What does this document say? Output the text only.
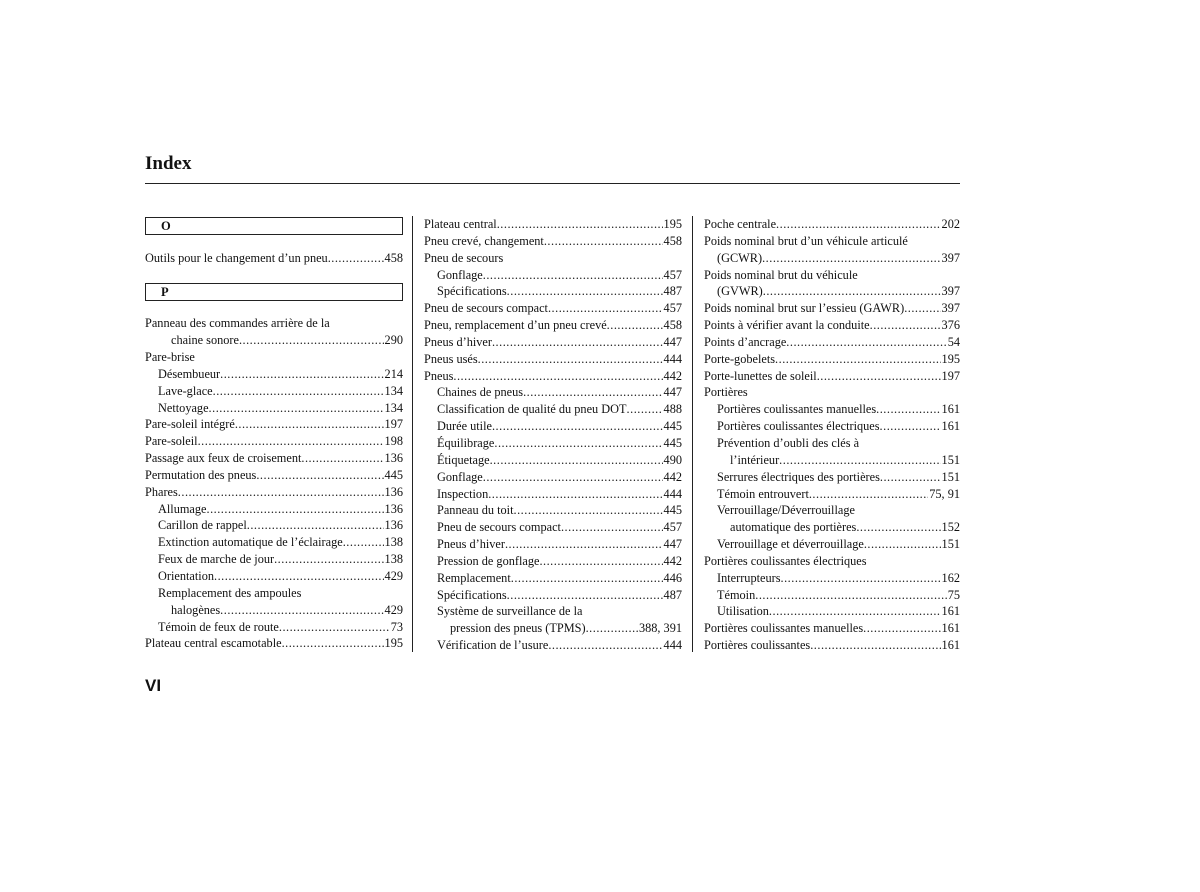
Index
O
Outils pour le changement d’un pneu .....	458
P
Panneau des commandes arrière de la
chaine sonore .....	290
Pare-brise
Désembueur .....	214
Lave-glace .....	134
Nettoyage .....	134
Pare-soleil intégré .....	197
Pare-soleil .....	198
Passage aux feux de croisement .....	136
Permutation des pneus .....	445
Phares .....	136
Allumage .....	136
Carillon de rappel .....	136
Extinction automatique de l’éclairage .....	138
Feux de marche de jour .....	138
Orientation .....	429
Remplacement des ampoules
halogènes .....	429
Témoin de feux de route .....	73
Plateau central escamotable .....	195
Plateau central .....	195
Pneu crevé, changement .....	458
Pneu de secours
Gonflage .....	457
Spécifications .....	487
Pneu de secours compact .....	457
Pneu, remplacement d’un pneu crevé .....	458
Pneus d’hiver .....	447
Pneus usés .....	444
Pneus .....	442
Chaines de pneus .....	447
Classification de qualité du pneu DOT .....	488
Durée utile .....	445
Équilibrage .....	445
Étiquetage .....	490
Gonflage .....	442
Inspection .....	444
Panneau du toit .....	445
Pneu de secours compact .....	457
Pneus d’hiver .....	447
Pression de gonflage .....	442
Remplacement .....	446
Spécifications .....	487
Système de surveillance de la
pression des pneus (TPMS) .....	388, 391
Vérification de l’usure .....	444
Poche centrale .....	202
Poids nominal brut d’un véhicule articulé
(GCWR) .....	397
Poids nominal brut du véhicule
(GVWR) .....	397
Poids nominal brut sur l’essieu (GAWR) .....	397
Points à vérifier avant la conduite .....	376
Points d’ancrage .....	54
Porte-gobelets .....	195
Porte-lunettes de soleil .....	197
Portières
Portières coulissantes manuelles .....	161
Portières coulissantes électriques .....	161
Prévention d’oubli des clés à
l’intérieur .....	151
Serrures électriques des portières .....	151
Témoin entrouvert .....	75, 91
Verrouillage/Déverrouillage
automatique des portières .....	152
Verrouillage et déverrouillage .....	151
Portières coulissantes électriques
Interrupteurs .....	162
Témoin .....	75
Utilisation .....	161
Portières coulissantes manuelles .....	161
Portières coulissantes .....	161
VI
